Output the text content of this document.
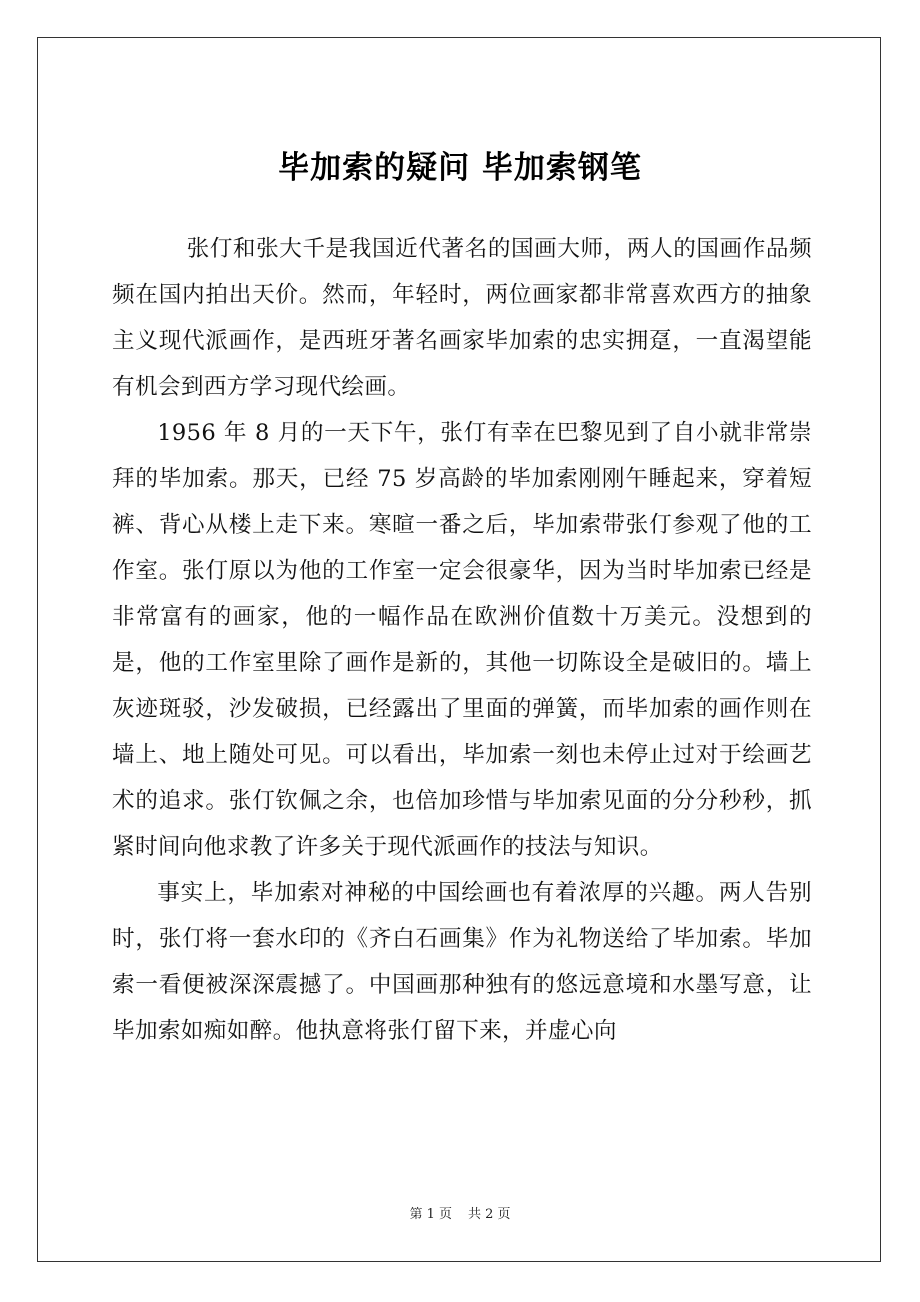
毕加索的疑问 毕加索钢笔

张仃和张大千是我国近代著名的国画大师，两人的国画作品频频在国内拍出天价。然而，年轻时，两位画家都非常喜欢西方的抽象主义现代派画作，是西班牙著名画家毕加索的忠实拥趸，一直渴望能有机会到西方学习现代绘画。

1956 年 8 月的一天下午，张仃有幸在巴黎见到了自小就非常崇拜的毕加索。那天，已经 75 岁高龄的毕加索刚刚午睡起来，穿着短裤、背心从楼上走下来。寒暄一番之后，毕加索带张仃参观了他的工作室。张仃原以为他的工作室一定会很豪华，因为当时毕加索已经是非常富有的画家，他的一幅作品在欧洲价值数十万美元。没想到的是，他的工作室里除了画作是新的，其他一切陈设全是破旧的。墙上灰迹斑驳，沙发破损，已经露出了里面的弹簧，而毕加索的画作则在墙上、地上随处可见。可以看出，毕加索一刻也未停止过对于绘画艺术的追求。张仃钦佩之余，也倍加珍惜与毕加索见面的分分秒秒，抓紧时间向他求教了许多关于现代派画作的技法与知识。

事实上，毕加索对神秘的中国绘画也有着浓厚的兴趣。两人告别时，张仃将一套水印的《齐白石画集》作为礼物送给了毕加索。毕加索一看便被深深震撼了。中国画那种独有的悠远意境和水墨写意，让毕加索如痴如醉。他执意将张仃留下来，并虚心向

第 1 页 共 2 页
